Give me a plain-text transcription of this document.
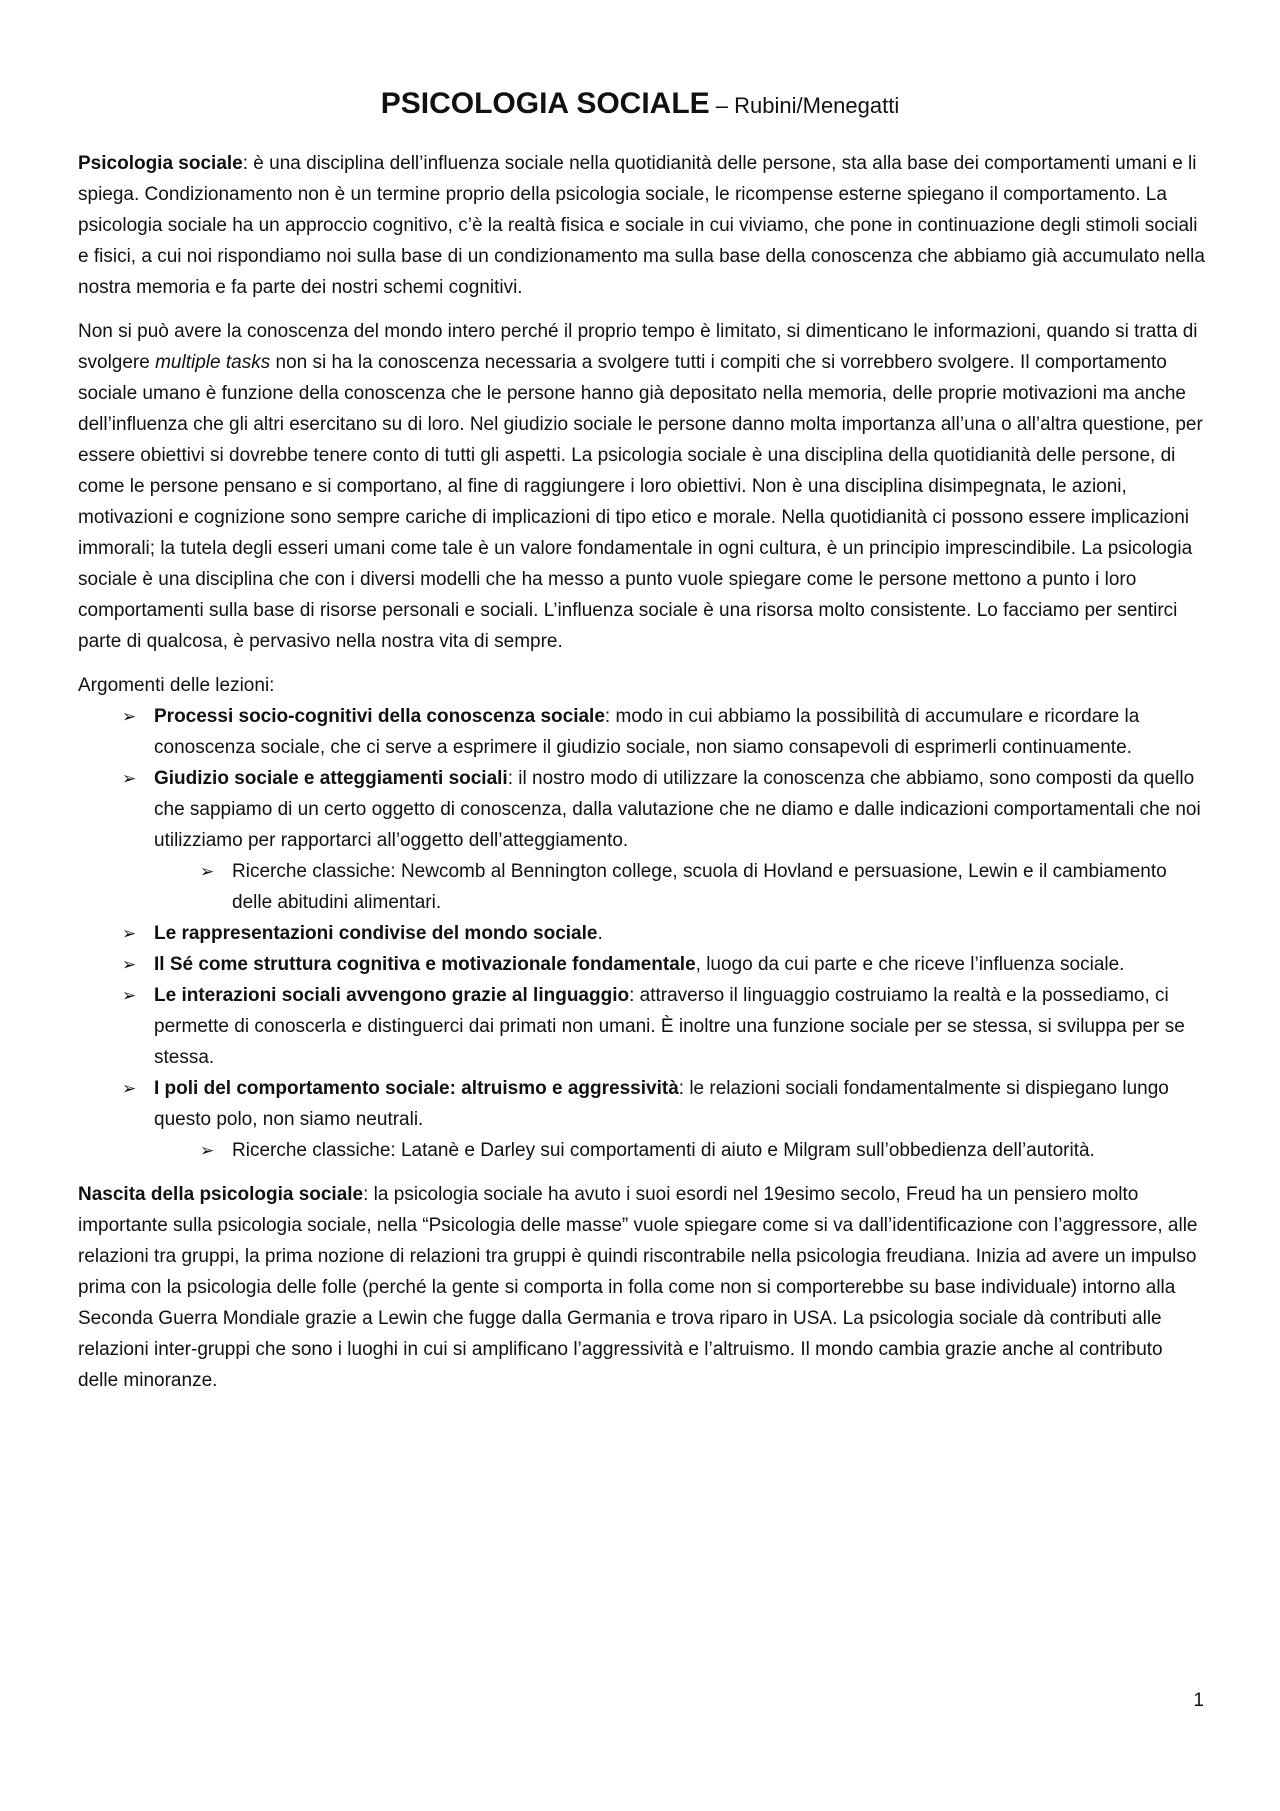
PSICOLOGIA SOCIALE – Rubini/Menegatti

Psicologia sociale: è una disciplina dell’influenza sociale nella quotidianità delle persone, sta alla base dei comportamenti umani e li spiega. Condizionamento non è un termine proprio della psicologia sociale, le ricompense esterne spiegano il comportamento. La psicologia sociale ha un approccio cognitivo, c’è la realtà fisica e sociale in cui viviamo, che pone in continuazione degli stimoli sociali e fisici, a cui noi rispondiamo noi sulla base di un condizionamento ma sulla base della conoscenza che abbiamo già accumulato nella nostra memoria e fa parte dei nostri schemi cognitivi.

Non si può avere la conoscenza del mondo intero perché il proprio tempo è limitato, si dimenticano le informazioni, quando si tratta di svolgere multiple tasks non si ha la conoscenza necessaria a svolgere tutti i compiti che si vorrebbero svolgere. Il comportamento sociale umano è funzione della conoscenza che le persone hanno già depositato nella memoria, delle proprie motivazioni ma anche dell’influenza che gli altri esercitano su di loro. Nel giudizio sociale le persone danno molta importanza all’una o all’altra questione, per essere obiettivi si dovrebbe tenere conto di tutti gli aspetti. La psicologia sociale è una disciplina della quotidianità delle persone, di come le persone pensano e si comportano, al fine di raggiungere i loro obiettivi. Non è una disciplina disimpegnata, le azioni, motivazioni e cognizione sono sempre cariche di implicazioni di tipo etico e morale. Nella quotidianità ci possono essere implicazioni immorali; la tutela degli esseri umani come tale è un valore fondamentale in ogni cultura, è un principio imprescindibile. La psicologia sociale è una disciplina che con i diversi modelli che ha messo a punto vuole spiegare come le persone mettono a punto i loro comportamenti sulla base di risorse personali e sociali. L’influenza sociale è una risorsa molto consistente. Lo facciamo per sentirci parte di qualcosa, è pervasivo nella nostra vita di sempre.

Argomenti delle lezioni:

➢ Processi socio-cognitivi della conoscenza sociale: modo in cui abbiamo la possibilità di accumulare e ricordare la conoscenza sociale, che ci serve a esprimere il giudizio sociale, non siamo consapevoli di esprimerli continuamente.
➢ Giudizio sociale e atteggiamenti sociali: il nostro modo di utilizzare la conoscenza che abbiamo, sono composti da quello che sappiamo di un certo oggetto di conoscenza, dalla valutazione che ne diamo e dalle indicazioni comportamentali che noi utilizziamo per rapportarci all’oggetto dell’atteggiamento.
➢ Ricerche classiche: Newcomb al Bennington college, scuola di Hovland e persuasione, Lewin e il cambiamento delle abitudini alimentari.
➢ Le rappresentazioni condivise del mondo sociale.
➢ Il Sé come struttura cognitiva e motivazionale fondamentale, luogo da cui parte e che riceve l’influenza sociale.
➢ Le interazioni sociali avvengono grazie al linguaggio: attraverso il linguaggio costruiamo la realtà e la possediamo, ci permette di conoscerla e distinguerci dai primati non umani. È inoltre una funzione sociale per se stessa, si sviluppa per se stessa.
➢ I poli del comportamento sociale: altruismo e aggressività: le relazioni sociali fondamentalmente si dispiegano lungo questo polo, non siamo neutrali.
➢ Ricerche classiche: Latanè e Darley sui comportamenti di aiuto e Milgram sull’obbedienza dell’autorità.

Nascita della psicologia sociale: la psicologia sociale ha avuto i suoi esordi nel 19esimo secolo, Freud ha un pensiero molto importante sulla psicologia sociale, nella “Psicologia delle masse” vuole spiegare come si va dall’identificazione con l’aggressore, alle relazioni tra gruppi, la prima nozione di relazioni tra gruppi è quindi riscontrabile nella psicologia freudiana. Inizia ad avere un impulso prima con la psicologia delle folle (perché la gente si comporta in folla come non si comporterebbe su base individuale) intorno alla Seconda Guerra Mondiale grazie a Lewin che fugge dalla Germania e trova riparo in USA. La psicologia sociale dà contributi alle relazioni inter-gruppi che sono i luoghi in cui si amplificano l’aggressività e l’altruismo. Il mondo cambia grazie anche al contributo delle minoranze.

1
